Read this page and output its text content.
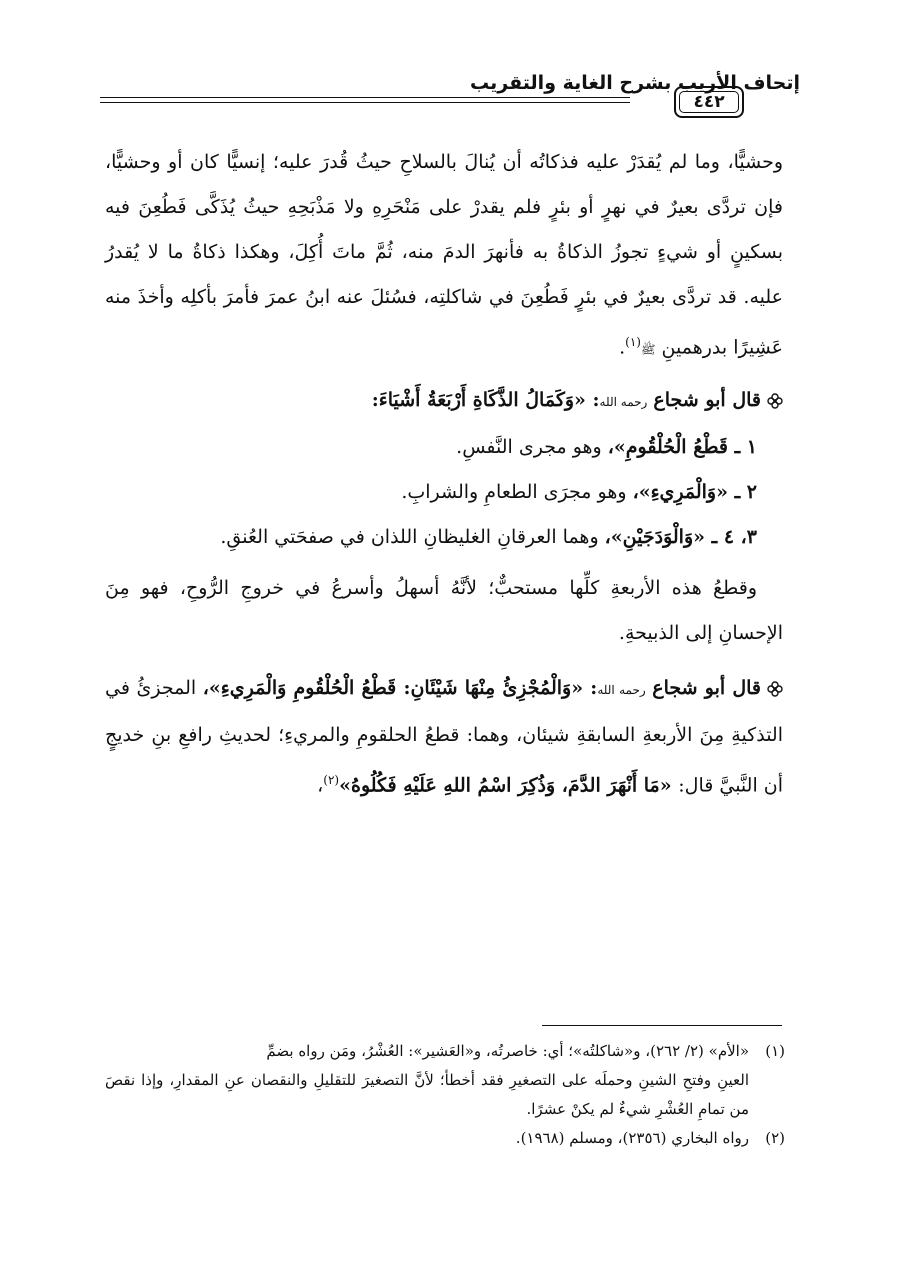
٤٤٢
إتحاف الأريب بشرح الغاية والتقريب

وحشيًّا، وما لم يُقدَرْ عليه فذكاتُه أن يُنالَ بالسلاحِ حيثُ قُدرَ عليه؛ إنسيًّا كان أو وحشيًّا، فإن تردَّى بعيرٌ في نهرٍ أو بئرٍ فلم يقدرْ على مَنْحَرِهِ ولا مَذْبَحِهِ حيثُ يُذَكَّى فَطُعِنَ فيه بسكينٍ أو شيءٍ تجوزُ الذكاةُ به فأنهرَ الدمَ منه، ثُمَّ ماتَ أُكِلَ، وهكذا ذكاةُ ما لا يُقدرُ عليه. قد تردَّى بعيرٌ في بئرٍ فَطُعِنَ في شاكلتِه، فسُئلَ عنه ابنُ عمرَ فأمرَ بأكلِه وأخذَ منه عَشِيرًا بدرهمينِ ﷺ$^{(١)}$.

قال أبو شجاع رحمه الله: «وَكَمَالُ الذَّكَاةِ أَرْبَعَةُ أَشْيَاءَ:

١ ـ قَطْعُ الْحُلْقُومِ»، وهو مجرى النَّفسِ.

٢ ـ «وَالْمَرِيءِ»، وهو مجرَى الطعامِ والشرابِ.

٣، ٤ ـ «وَالْوَدَجَيْنِ»، وهما العرقانِ الغليظانِ اللذان في صفحَتي العُنقِ.

وقطعُ هذه الأربعةِ كلِّها مستحبٌّ؛ لأنَّهُ أسهلُ وأسرعُ في خروجِ الرُّوحِ، فهو مِنَ الإحسانِ إلى الذبيحةِ.

قال أبو شجاع رحمه الله: «وَالْمُجْزِئُ مِنْهَا شَيْئَانِ: قَطْعُ الْحُلْقُومِ وَالْمَرِيءِ»، المجزئُ في التذكيةِ مِنَ الأربعةِ السابقةِ شيئان، وهما: قطعُ الحلقومِ والمريءِ؛ لحديثِ رافعِ بنِ خديجٍ أن النَّبيَّ قال: «مَا أَنْهَرَ الدَّمَ، وَذُكِرَ اسْمُ اللهِ عَلَيْهِ فَكُلُوهُ»$^{(٢)}$،

(١)«الأم» (٢/ ٢٦٢)، و«شاكلتُه»؛ أي: خاصرتُه، و«العَشير»: العُشْرُ، ومَن رواه بضمِّ

العينِ وفتحِ الشينِ وحملَه على التصغيرِ فقد أخطأ؛ لأنَّ التصغيرَ للتقليلِ والنقصان عنِ المقدارِ، وإذا نقصَ من تمامِ العُشْرِ شيءٌ لم يكنْ عشرًا.

(٢)رواه البخاري (٢٣٥٦)، ومسلم (١٩٦٨).
